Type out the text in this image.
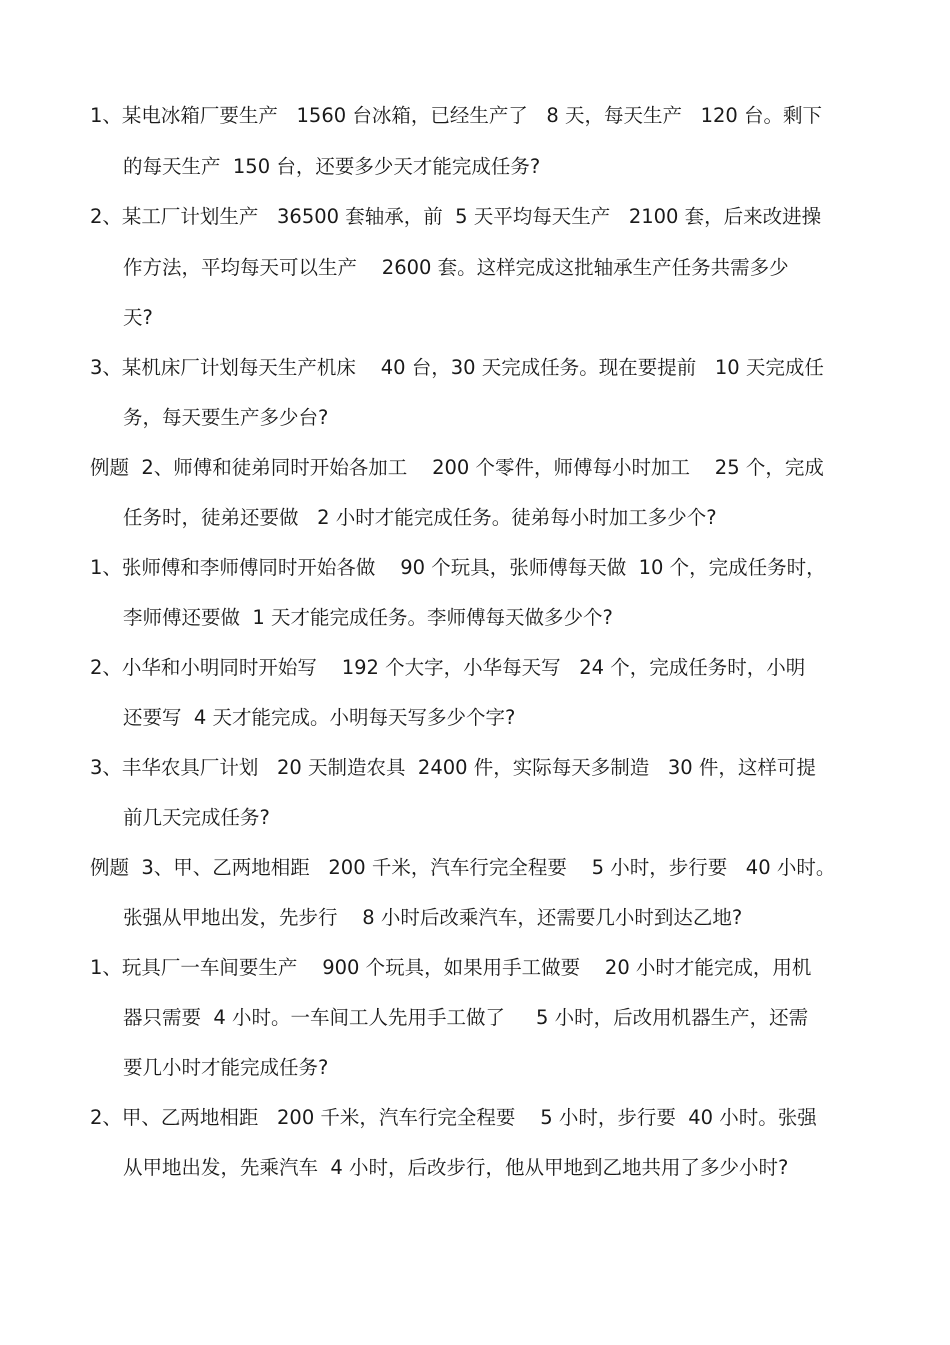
1、某电冰箱厂要生产   1560 台冰箱，已经生产了   8 天，每天生产   120 台。剩下
的每天生产  150 台，还要多少天才能完成任务?
2、某工厂计划生产   36500 套轴承，前  5 天平均每天生产   2100 套，后来改进操
作方法，平均每天可以生产    2600 套。这样完成这批轴承生产任务共需多少
天?
3、某机床厂计划每天生产机床    40 台，30 天完成任务。现在要提前   10 天完成任
务，每天要生产多少台?
例题  2、师傅和徒弟同时开始各加工    200 个零件，师傅每小时加工    25 个，完成
任务时，徒弟还要做   2 小时才能完成任务。徒弟每小时加工多少个?
1、张师傅和李师傅同时开始各做    90 个玩具，张师傅每天做  10 个，完成任务时，
李师傅还要做  1 天才能完成任务。李师傅每天做多少个?
2、小华和小明同时开始写    192 个大字，小华每天写   24 个，完成任务时，小明
还要写  4 天才能完成。小明每天写多少个字?
3、丰华农具厂计划   20 天制造农具  2400 件，实际每天多制造   30 件，这样可提
前几天完成任务?
例题  3、甲、乙两地相距   200 千米，汽车行完全程要    5 小时，步行要   40 小时。
张强从甲地出发，先步行    8 小时后改乘汽车，还需要几小时到达乙地?
1、玩具厂一车间要生产    900 个玩具，如果用手工做要    20 小时才能完成，用机
器只需要  4 小时。一车间工人先用手工做了     5 小时，后改用机器生产，还需
要几小时才能完成任务?
2、甲、乙两地相距   200 千米，汽车行完全程要    5 小时，步行要  40 小时。张强
从甲地出发，先乘汽车  4 小时，后改步行，他从甲地到乙地共用了多少小时?
